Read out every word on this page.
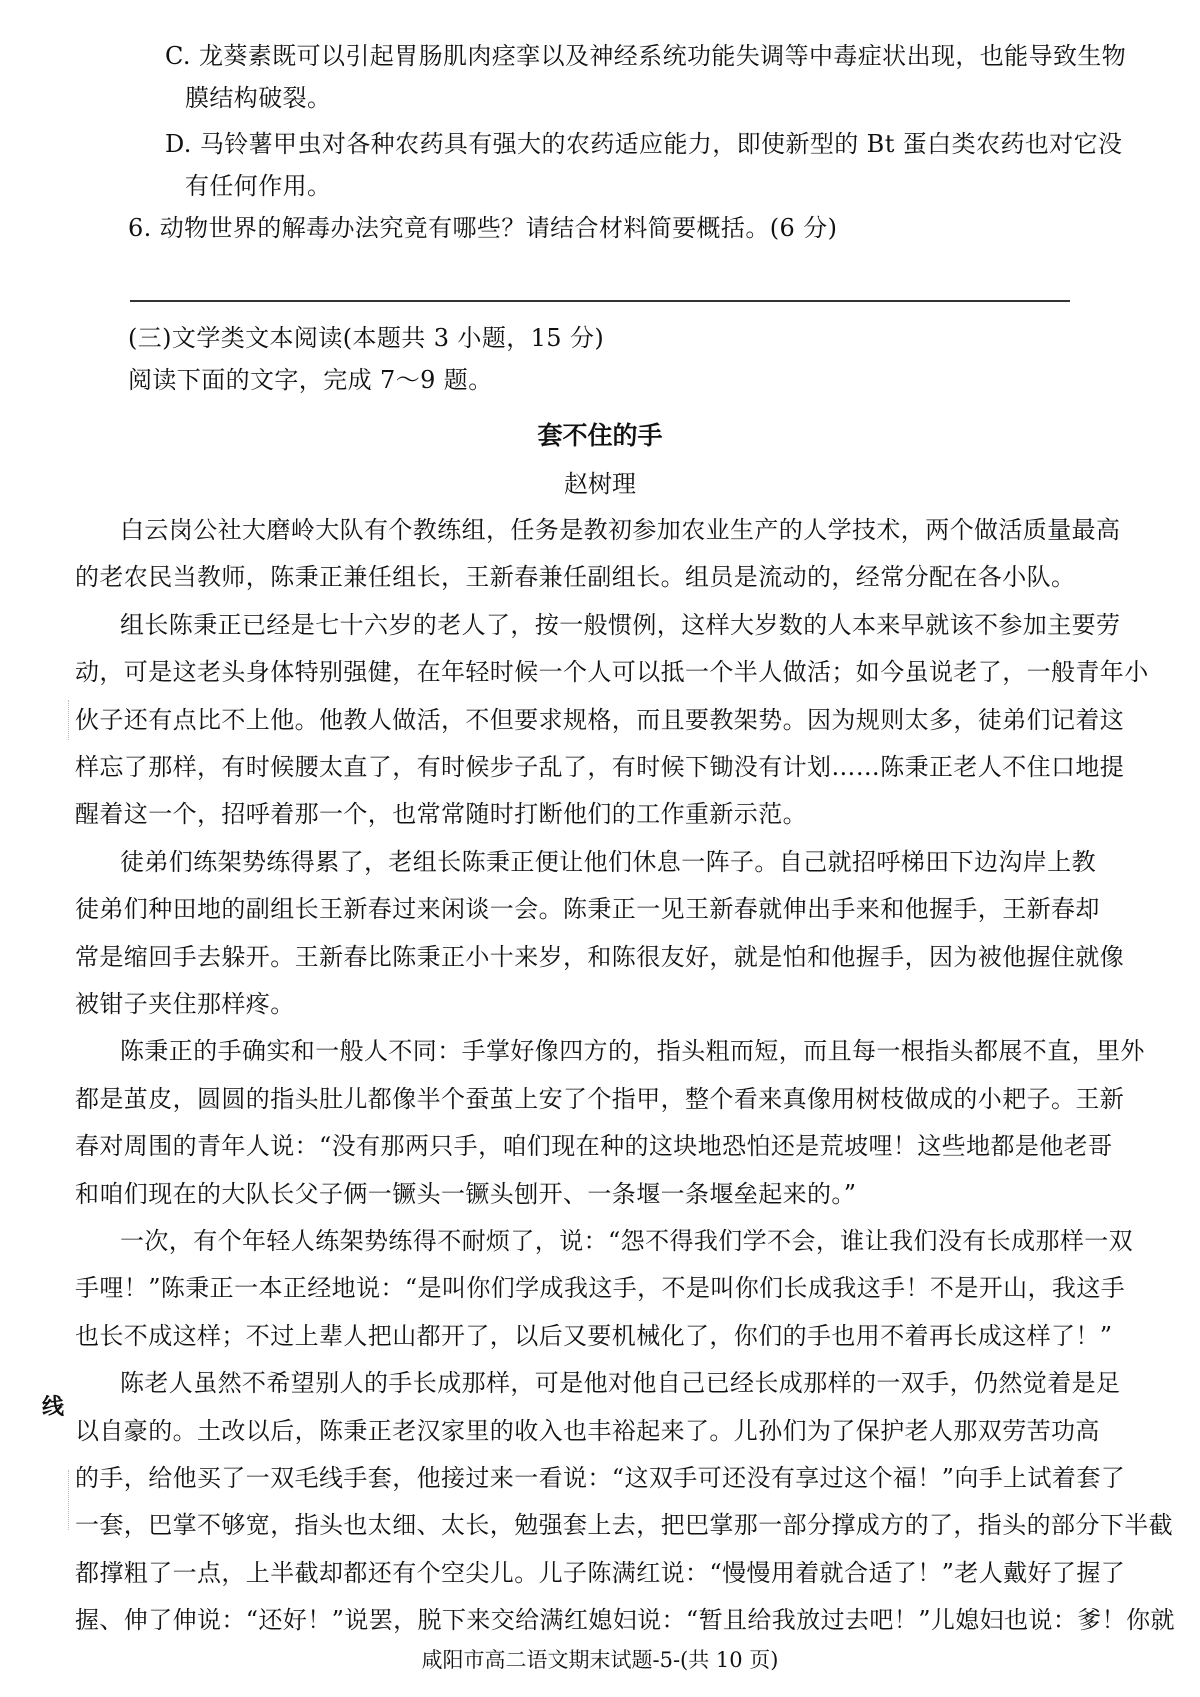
C. 龙葵素既可以引起胃肠肌肉痉挛以及神经系统功能失调等中毒症状出现，也能导致生物
膜结构破裂。
D. 马铃薯甲虫对各种农药具有强大的农药适应能力，即使新型的 Bt 蛋白类农药也对它没
有任何作用。
6. 动物世界的解毒办法究竟有哪些？请结合材料简要概括。(6 分)
(三)文学类文本阅读(本题共 3 小题，15 分)
阅读下面的文字，完成 7～9 题。
套不住的手
赵树理
白云岗公社大磨岭大队有个教练组，任务是教初参加农业生产的人学技术，两个做活质量最高
的老农民当教师，陈秉正兼任组长，王新春兼任副组长。组员是流动的，经常分配在各小队。
组长陈秉正已经是七十六岁的老人了，按一般惯例，这样大岁数的人本来早就该不参加主要劳
动，可是这老头身体特别强健，在年轻时候一个人可以抵一个半人做活；如今虽说老了，一般青年小
伙子还有点比不上他。他教人做活，不但要求规格，而且要教架势。因为规则太多，徒弟们记着这
样忘了那样，有时候腰太直了，有时候步子乱了，有时候下锄没有计划……陈秉正老人不住口地提
醒着这一个，招呼着那一个，也常常随时打断他们的工作重新示范。
徒弟们练架势练得累了，老组长陈秉正便让他们休息一阵子。自己就招呼梯田下边沟岸上教
徒弟们种田地的副组长王新春过来闲谈一会。陈秉正一见王新春就伸出手来和他握手，王新春却
常是缩回手去躲开。王新春比陈秉正小十来岁，和陈很友好，就是怕和他握手，因为被他握住就像
被钳子夹住那样疼。
陈秉正的手确实和一般人不同：手掌好像四方的，指头粗而短，而且每一根指头都展不直，里外
都是茧皮，圆圆的指头肚儿都像半个蚕茧上安了个指甲，整个看来真像用树枝做成的小耙子。王新
春对周围的青年人说：“没有那两只手，咱们现在种的这块地恐怕还是荒坡哩！这些地都是他老哥
和咱们现在的大队长父子俩一镢头一镢头刨开、一条堰一条堰垒起来的。”
一次，有个年轻人练架势练得不耐烦了，说：“怨不得我们学不会，谁让我们没有长成那样一双
手哩！”陈秉正一本正经地说：“是叫你们学成我这手，不是叫你们长成我这手！不是开山，我这手
也长不成这样；不过上辈人把山都开了，以后又要机械化了，你们的手也用不着再长成这样了！”
陈老人虽然不希望别人的手长成那样，可是他对他自己已经长成那样的一双手，仍然觉着是足
以自豪的。土改以后，陈秉正老汉家里的收入也丰裕起来了。儿孙们为了保护老人那双劳苦功高
的手，给他买了一双毛线手套，他接过来一看说：“这双手可还没有享过这个福！”向手上试着套了
一套，巴掌不够宽，指头也太细、太长，勉强套上去，把巴掌那一部分撑成方的了，指头的部分下半截
都撑粗了一点，上半截却都还有个空尖儿。儿子陈满红说：“慢慢用着就合适了！”老人戴好了握了
握、伸了伸说：“还好！”说罢，脱下来交给满红媳妇说：“暂且给我放过去吧！”儿媳妇也说：爹！你就
线
咸阳市高二语文期末试题-5-(共 10 页)
